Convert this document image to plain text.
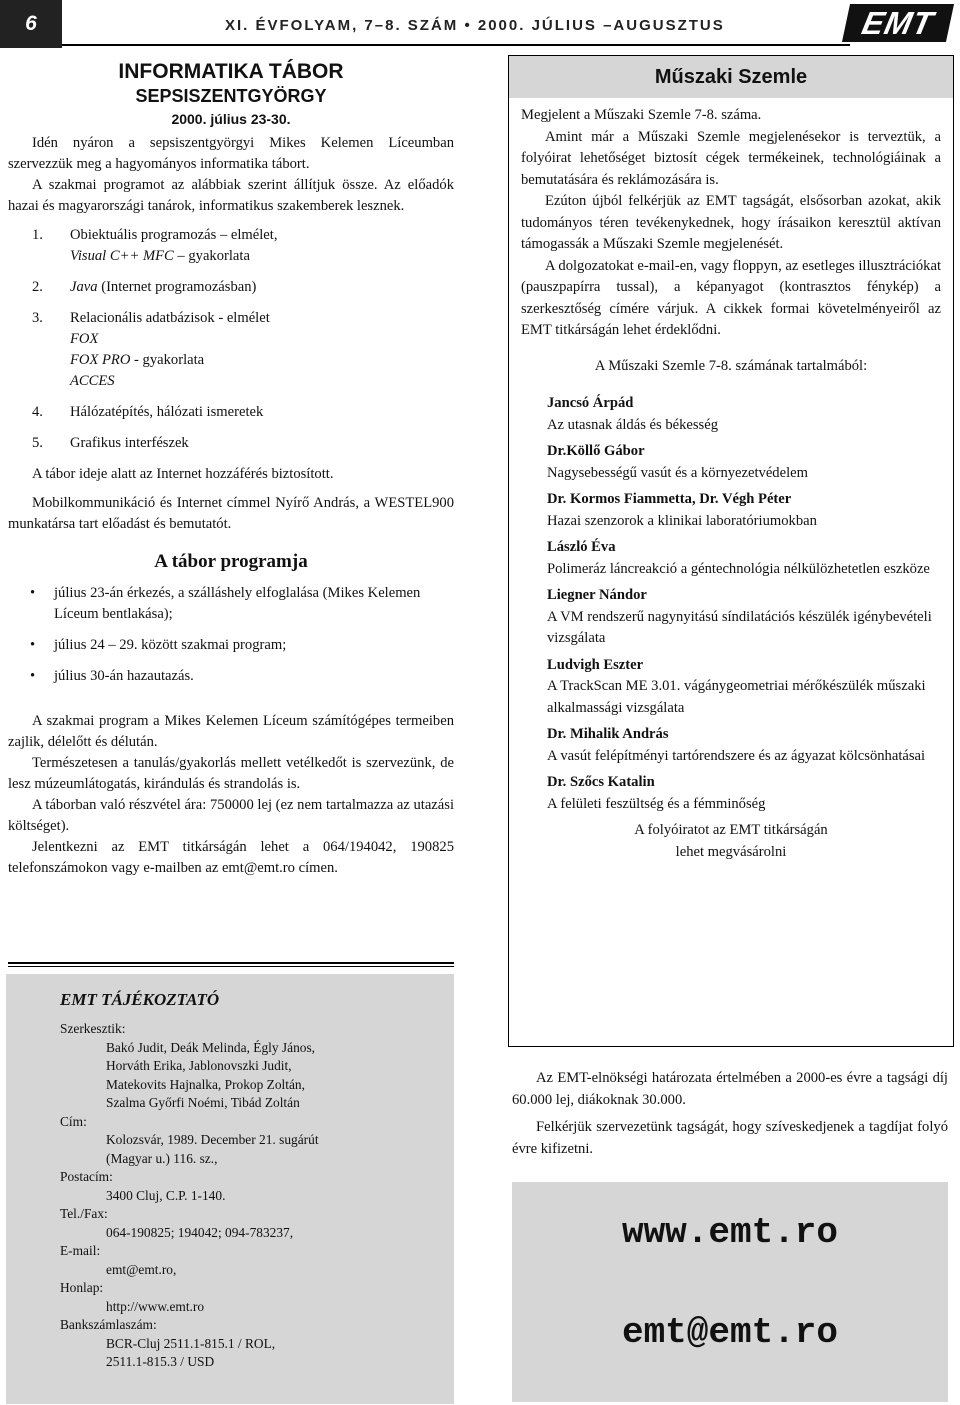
6	XI. ÉVFOLYAM, 7–8. SZÁM • 2000. JÚLIUS –AUGUSZTUS	EMT
INFORMATIKA TÁBOR
SEPSISZENTGYÖRGY
2000. július 23-30.

Idén nyáron a sepsiszentgyörgyi Mikes Kelemen Líceumban szervezzük meg a hagyományos informatika tábort.

A szakmai programot az alábbiak szerint állítjuk össze. Az előadók hazai és magyarországi tanárok, informatikus szakemberek lesznek.

1. Obiektuális programozás – elmélet,
Visual C++ MFC – gyakorlata
2. Java (Internet programozásban)
3. Relacionális adatbázisok - elmélet
FOX
FOX PRO - gyakorlata
ACCES
4. Hálózatépítés, hálózati ismeretek
5. Grafikus interfészek

A tábor ideje alatt az Internet hozzáférés biztosított.

Mobilkommunikáció és Internet címmel Nyírő András, a WESTEL900 munkatársa tart előadást és bemutatót.

A tábor programja
• július 23-án érkezés, a szálláshely elfoglalása (Mikes Kelemen Líceum bentlakása);
• július 24 – 29. között szakmai program;
• július 30-án hazautazás.

A szakmai program a Mikes Kelemen Líceum számítógépes termeiben zajlik, délelőtt és délután.

Természetesen a tanulás/gyakorlás mellett vetélkedőt is szervezünk, de lesz múzeumlátogatás, kirándulás és strandolás is.

A táborban való részvétel ára: 750000 lej (ez nem tartalmazza az utazási költséget).

Jelentkezni az EMT titkárságán lehet a 064/194042, 190825 telefonszámokon vagy e-mailben az emt@emt.ro címen.

EMT TÁJÉKOZTATÓ
Szerkesztik:
Bakó Judit, Deák Melinda, Égly János,
Horváth Erika, Jablonovszki Judit,
Matekovits Hajnalka, Prokop Zoltán,
Szalma Győrfi Noémi, Tibád Zoltán
Cím:
Kolozsvár, 1989. December 21. sugárút
(Magyar u.) 116. sz.,
Postacím:
3400 Cluj, C.P. 1-140.
Tel./Fax:
064-190825; 194042; 094-783237,
E-mail:
emt@emt.ro,
Honlap:
http://www.emt.ro
Bankszámlaszám:
BCR-Cluj 2511.1-815.1 / ROL,
2511.1-815.3 / USD
Műszaki Szemle

Megjelent a Műszaki Szemle 7-8. száma.

Amint már a Műszaki Szemle megjelenésekor is terveztük, a folyóirat lehetőséget biztosít cégek termékeinek, technológiáinak a bemutatására és reklámozására is.

Ezúton újból felkérjük az EMT tagságát, elsősorban azokat, akik tudományos téren tevékenykednek, hogy írásaikon keresztül aktívan támogassák a Műszaki Szemle megjelenését.

A dolgozatokat e-mail-en, vagy floppyn, az esetleges illusztrációkat (pauszpapírra tussal), a képanyagot (kontrasztos fénykép) a szerkesztőség címére várjuk. A cikkek formai követelményeiről az EMT titkárságán lehet érdeklődni.

A Műszaki Szemle 7-8. számának tartalmából:

Jancsó Árpád
Az utasnak áldás és békesség
Dr.Köllő Gábor
Nagysebességű vasút és a környezetvédelem
Dr. Kormos Fiammetta, Dr. Végh Péter
Hazai szenzorok a klinikai laboratóriumokban
László Éva
Polimeráz láncreakció a géntechnológia nélkülözhetetlen eszköze
Liegner Nándor
A VM rendszerű nagynyitású síndilatációs készülék igénybevételi vizsgálata
Ludvigh Eszter
A TrackScan ME 3.01. vágánygeometriai mérőkészülék műszaki alkalmassági vizsgálata
Dr. Mihalik András
A vasút felépítményi tartórendszere és az ágyazat kölcsönhatásai
Dr. Szőcs Katalin
A felületi feszültség és a fémminőség

A folyóiratot az EMT titkárságán

lehet megvásárolni

Az EMT-elnökségi határozata értelmében a 2000-es évre a tagsági díj 60.000 lej, diákoknak 30.000.

Felkérjük szervezetünk tagságát, hogy szíveskedjenek a tagdíjat folyó évre kifizetni.

www.emt.ro
emt@emt.ro
